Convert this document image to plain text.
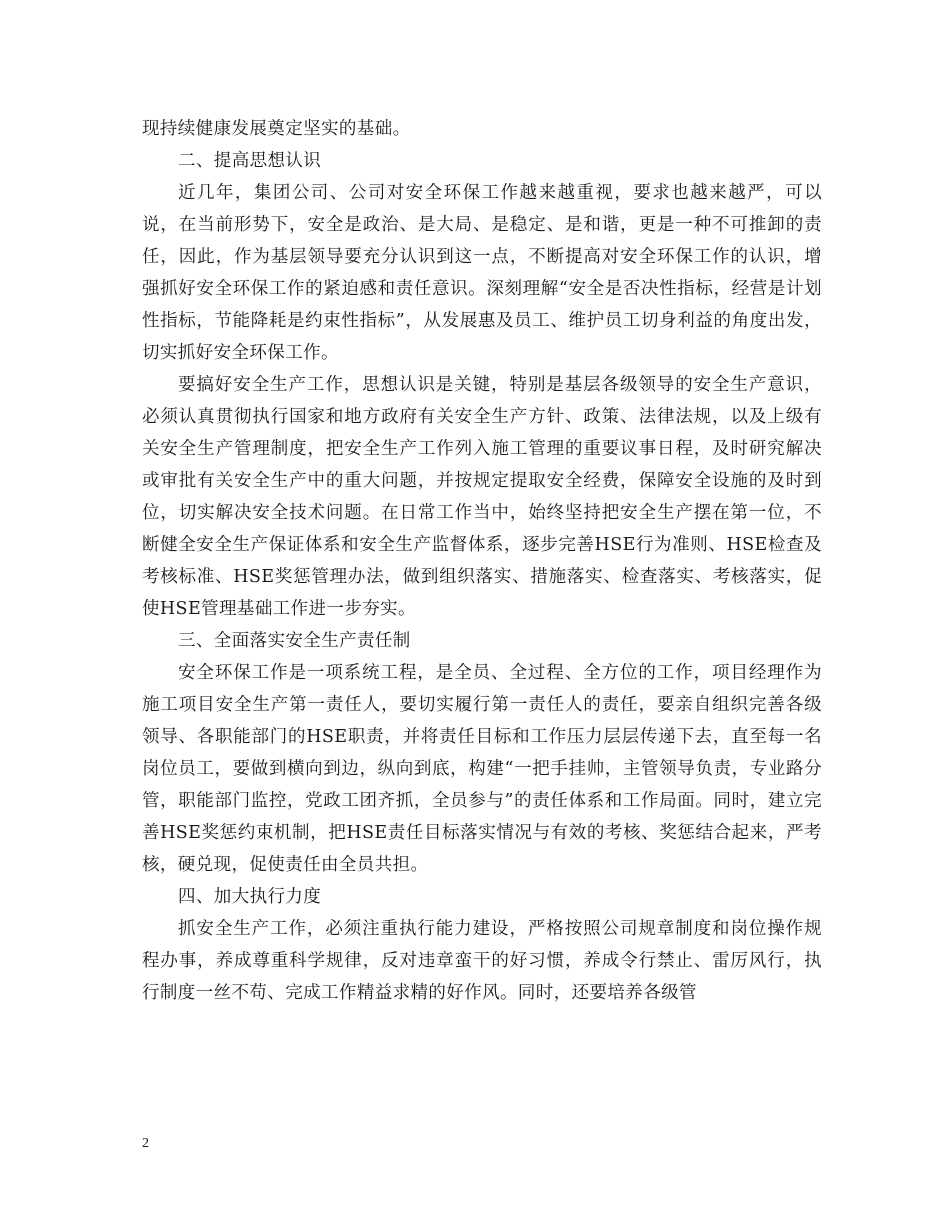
现持续健康发展奠定坚实的基础。

二、提高思想认识

近几年，集团公司、公司对安全环保工作越来越重视，要求也越来越严，可以说，在当前形势下，安全是政治、是大局、是稳定、是和谐，更是一种不可推卸的责任，因此，作为基层领导要充分认识到这一点，不断提高对安全环保工作的认识，增强抓好安全环保工作的紧迫感和责任意识。深刻理解“安全是否决性指标，经营是计划性指标，节能降耗是约束性指标”，从发展惠及员工、维护员工切身利益的角度出发，切实抓好安全环保工作。

要搞好安全生产工作，思想认识是关键，特别是基层各级领导的安全生产意识，必须认真贯彻执行国家和地方政府有关安全生产方针、政策、法律法规，以及上级有关安全生产管理制度，把安全生产工作列入施工管理的重要议事日程，及时研究解决或审批有关安全生产中的重大问题，并按规定提取安全经费，保障安全设施的及时到位，切实解决安全技术问题。在日常工作当中，始终坚持把安全生产摆在第一位，不断健全安全生产保证体系和安全生产监督体系，逐步完善HSE行为准则、HSE检查及考核标准、HSE奖惩管理办法，做到组织落实、措施落实、检查落实、考核落实，促使HSE管理基础工作进一步夯实。

三、全面落实安全生产责任制

安全环保工作是一项系统工程，是全员、全过程、全方位的工作，项目经理作为施工项目安全生产第一责任人，要切实履行第一责任人的责任，要亲自组织完善各级领导、各职能部门的HSE职责，并将责任目标和工作压力层层传递下去，直至每一名岗位员工，要做到横向到边，纵向到底，构建“一把手挂帅，主管领导负责，专业路分管，职能部门监控，党政工团齐抓，全员参与”的责任体系和工作局面。同时，建立完善HSE奖惩约束机制，把HSE责任目标落实情况与有效的考核、奖惩结合起来，严考核，硬兑现，促使责任由全员共担。

四、加大执行力度

抓安全生产工作，必须注重执行能力建设，严格按照公司规章制度和岗位操作规程办事，养成尊重科学规律，反对违章蛮干的好习惯，养成令行禁止、雷厉风行，执行制度一丝不苟、完成工作精益求精的好作风。同时，还要培养各级管

2
